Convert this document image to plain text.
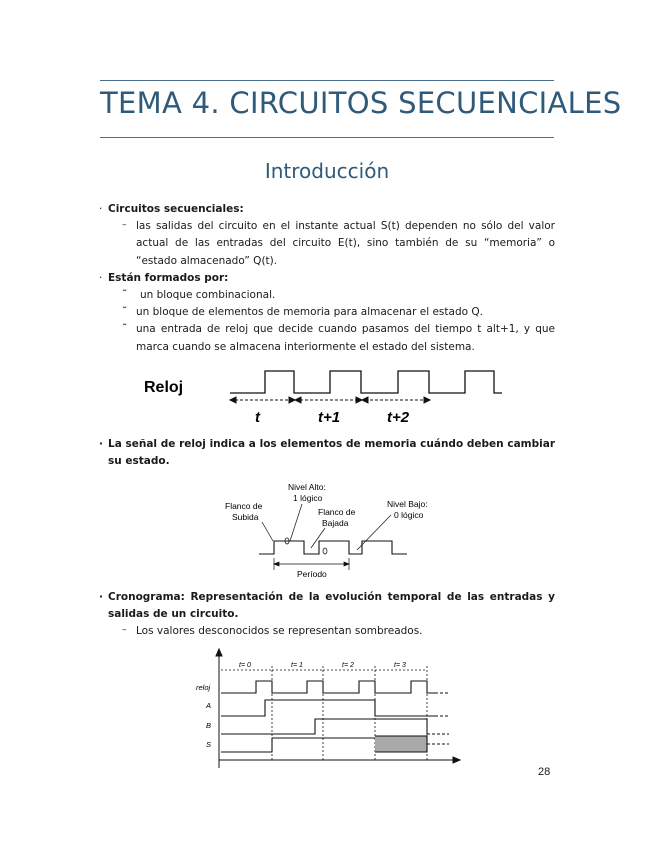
TEMA 4. CIRCUITOS SECUENCIALES
Introducción
· Circuitos secuenciales:
– las salidas del circuito en el instante actual S(t) dependen no sólo del valor actual de las entradas del circuito E(t), sino también de su “memoria” o “estado almacenado” Q(t).
· Están formados por:
˜ un bloque combinacional.
˜ un bloque de elementos de memoria para almacenar el estado Q.
˜ una entrada de reloj que decide cuando pasamos del tiempo t alt+1, y que marca cuando se almacena interiormente el estado del sistema.
Reloj
t	t+1	t+2
· La señal de reloj indica a los elementos de memoria cuándo deben cambiar su estado.
Nivel Alto:
1 lógico
Flanco de
Subida	Flanco de
Bajada
Nivel Bajo:
0 lógico
Período
· Cronograma: Representación de la evolución temporal de las entradas y salidas de un circuito.
– Los valores desconocidos se representan sombreados.
t= 0	t= 1	t= 2	t= 3
reloj
A
B
S
28
